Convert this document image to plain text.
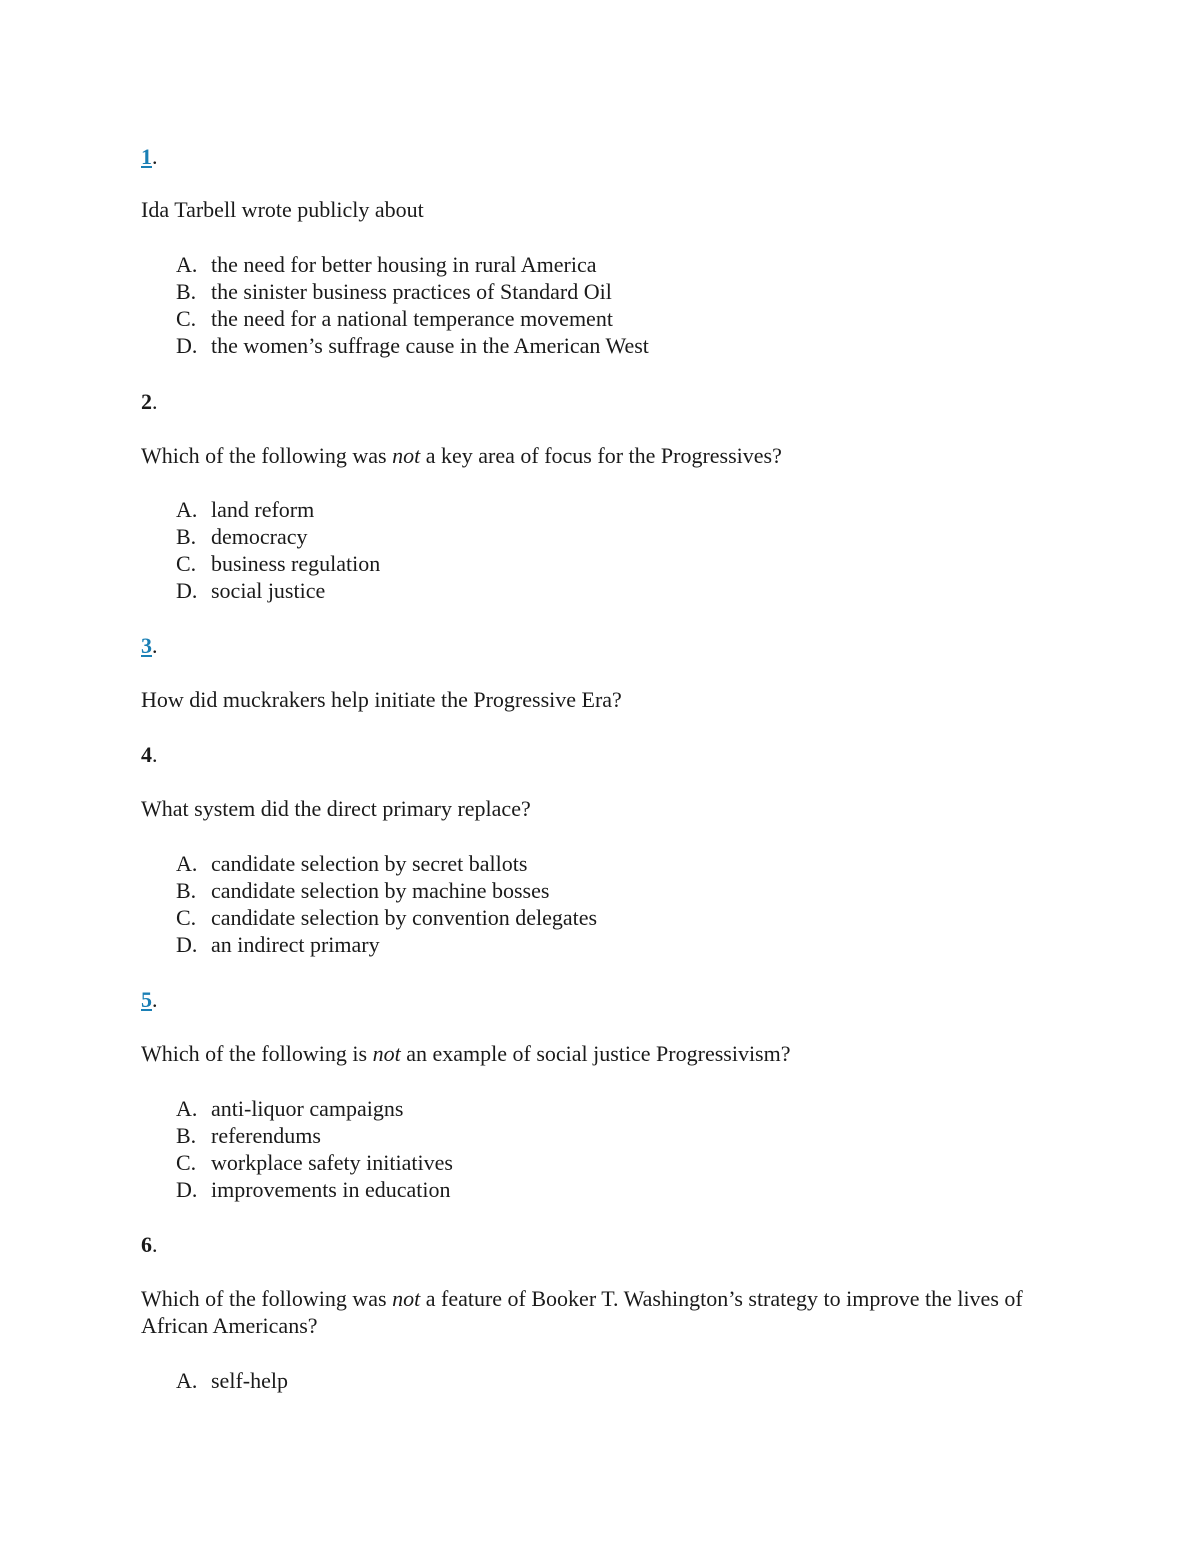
1.

Ida Tarbell wrote publicly about
A. the need for better housing in rural America
B. the sinister business practices of Standard Oil
C. the need for a national temperance movement
D. the women’s suffrage cause in the American West

2.

Which of the following was not a key area of focus for the Progressives?
A. land reform
B. democracy
C. business regulation
D. social justice

3.

How did muckrakers help initiate the Progressive Era?

4.

What system did the direct primary replace?
A. candidate selection by secret ballots
B. candidate selection by machine bosses
C. candidate selection by convention delegates
D. an indirect primary

5.

Which of the following is not an example of social justice Progressivism?
A. anti-liquor campaigns
B. referendums
C. workplace safety initiatives
D. improvements in education

6.

Which of the following was not a feature of Booker T. Washington’s strategy to improve the lives of African Americans?
A. self-help
